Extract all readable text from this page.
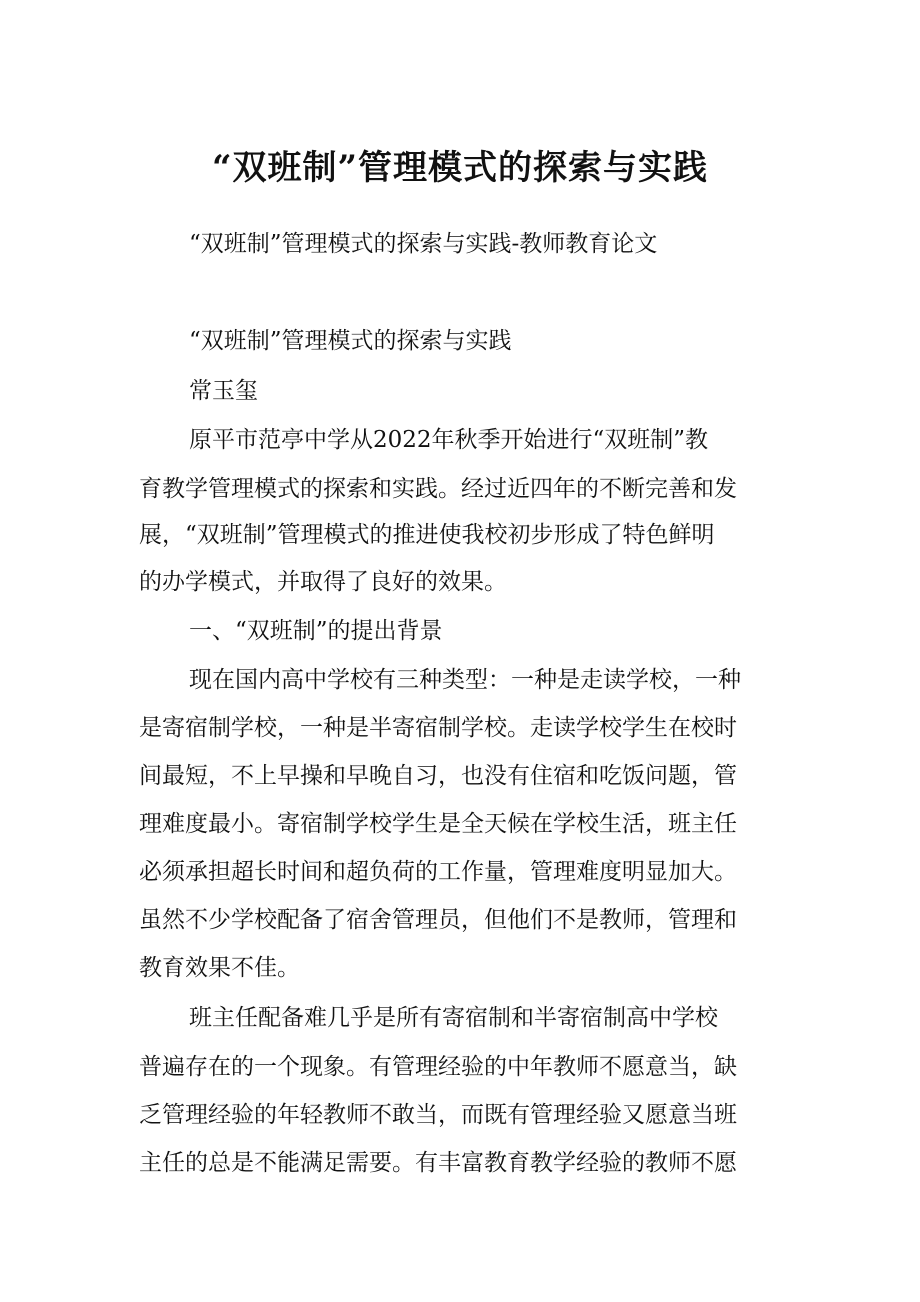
“双班制”管理模式的探索与实践
“双班制”管理模式的探索与实践-教师教育论文
“双班制”管理模式的探索与实践
常玉玺
原平市范亭中学从2022年秋季开始进行“双班制”教
育教学管理模式的探索和实践。经过近四年的不断完善和发
展，“双班制”管理模式的推进使我校初步形成了特色鲜明
的办学模式，并取得了良好的效果。
一、“双班制”的提出背景
现在国内高中学校有三种类型：一种是走读学校，一种
是寄宿制学校，一种是半寄宿制学校。走读学校学生在校时
间最短，不上早操和早晚自习，也没有住宿和吃饭问题，管
理难度最小。寄宿制学校学生是全天候在学校生活，班主任
必须承担超长时间和超负荷的工作量，管理难度明显加大。
虽然不少学校配备了宿舍管理员，但他们不是教师，管理和
教育效果不佳。
班主任配备难几乎是所有寄宿制和半寄宿制高中学校
普遍存在的一个现象。有管理经验的中年教师不愿意当，缺
乏管理经验的年轻教师不敢当，而既有管理经验又愿意当班
主任的总是不能满足需要。有丰富教育教学经验的教师不愿
